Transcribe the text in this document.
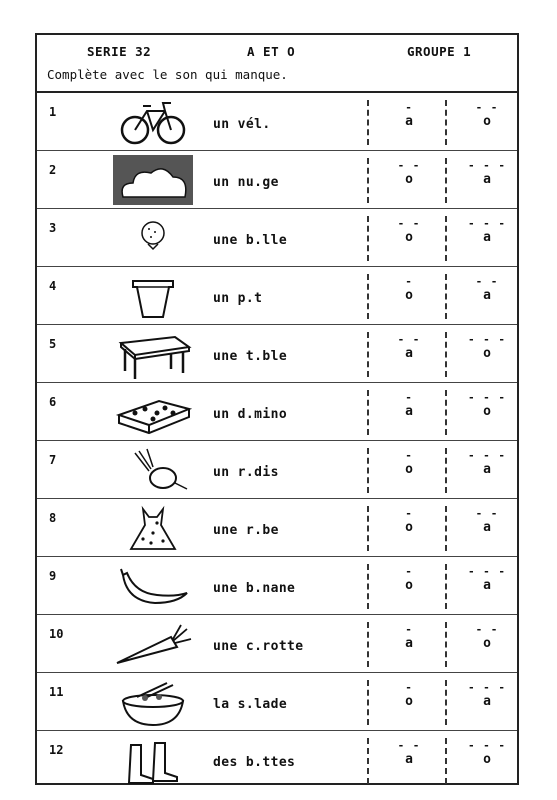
SERIE 32	A ET O	GROUPE 1
Complète avec le son qui manque.
1
un vél.
-
a
- -
o
2
un nu.ge
- -
o
- - -
a
3
une b.lle
- -
o
- - -
a
4
un p.t
-
o
- -
a
5
une t.ble
- -
a
- - -
o
6
un d.mino
-
a
- - -
o
7
un r.dis
-
o
- - -
a
8
une r.be
-
o
- -
a
9
une b.nane
-
o
- - -
a
10
une c.rotte
-
a
- -
o
11
la s.lade
-
o
- - -
a
12
des b.ttes
- -
a
- - -
o
